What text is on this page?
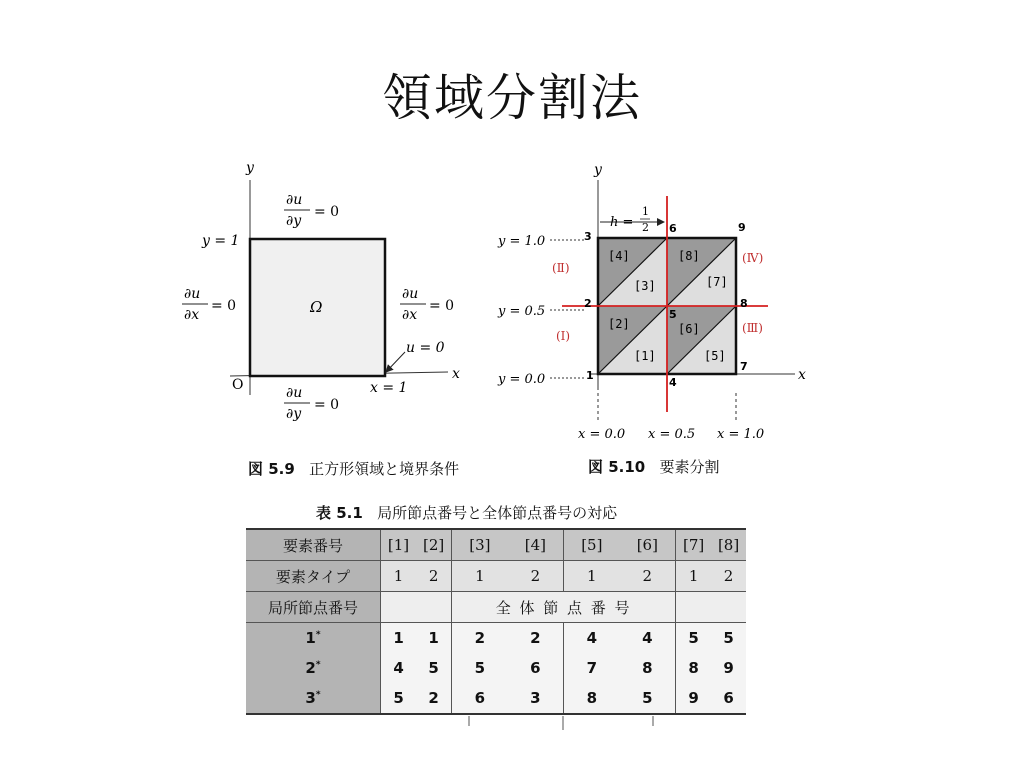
領域分割法
y
x
O
y = 1
x = 1
Ω
u = 0
∂u
∂y
= 0
∂u
∂y
= 0
∂u
∂x
= 0
∂u
∂x
= 0
y
x
h =
1
2
y = 1.0
y = 0.5
y = 0.0
x = 0.0 x = 0.5 x = 1.0
1
2
3
4
5
6
7
8
9
[1]
[2]
[3]
[4]
[5]
[6]
[7]
[8]
(Ⅰ)
(Ⅱ)
(Ⅲ)
(Ⅳ)
図 5.9 正方形領域と境界条件	図 5.10 要素分割
表 5.1 局所節点番号と全体節点番号の対応
要素番号	[1]	[2]	[3]	[4]	[5]	[6]	[7]	[8]
要素タイプ	1	2	1	2	1	2	1	2
局所節点番号			全 体 節 点 番 号					
1*	1	1	2	2	4	4	5	5
2*	4	5	5	6	7	8	8	9
3*	5	2	6	3	8	5	9	6
